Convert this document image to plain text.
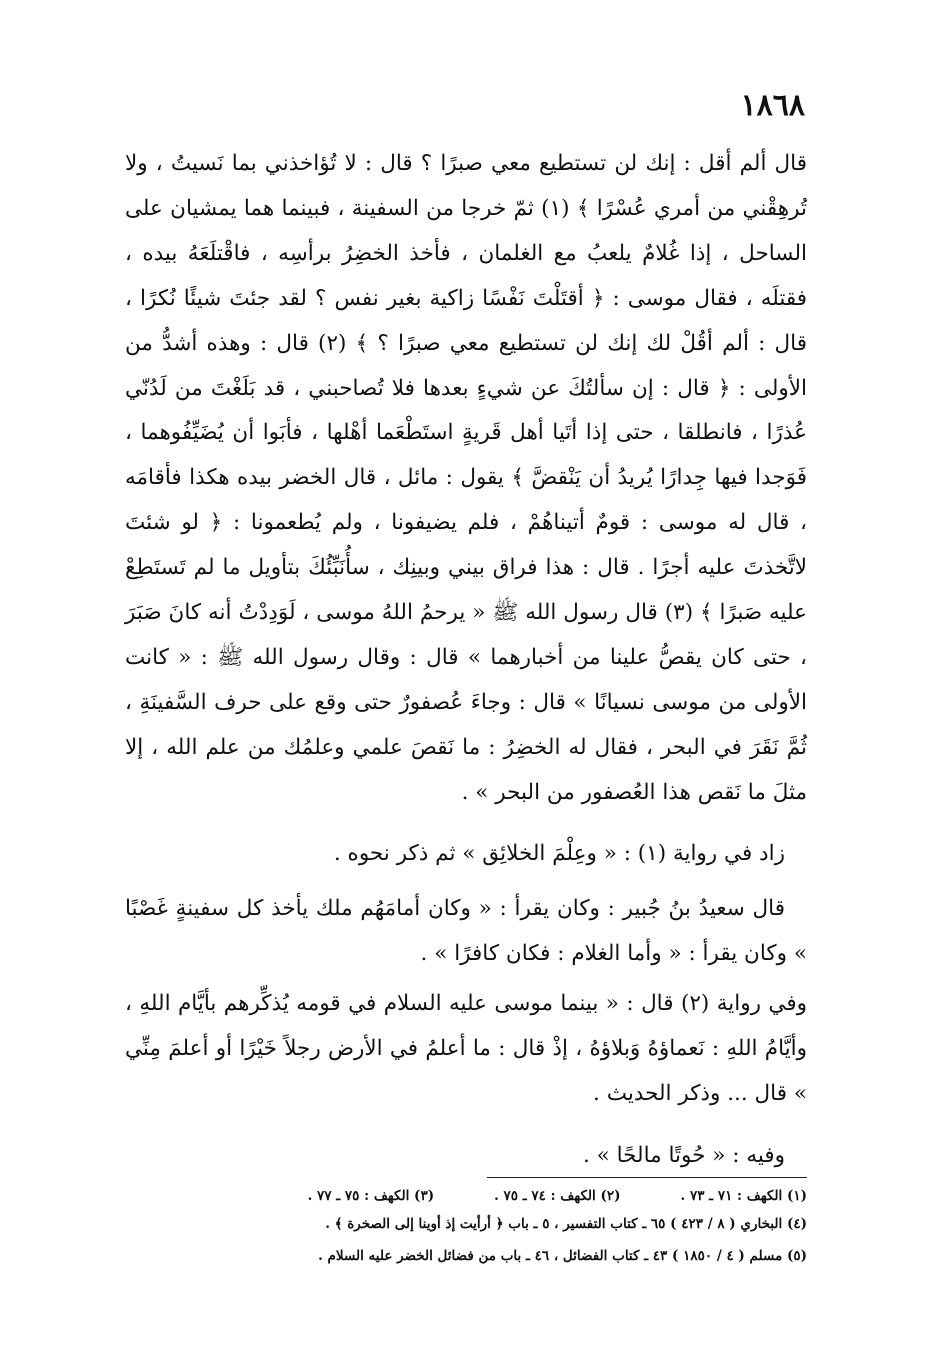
١٨٦٨
قال ألم أقل : إنك لن تستطيع معي صبرًا ؟ قال : لا تُؤاخذني بما نَسيتُ ، ولا تُرهِقْني من أمري عُسْرًا ﴾ (١) ثمّ خرجا من السفينة ، فبينما هما يمشيان على الساحل ، إذا غُلامٌ يلعبُ مع الغلمان ، فأخذ الخضِرُ برأسِه ، فاقْتلَعَهُ بيده ، فقتلَه ، فقال موسى : ﴿ أقتَلْتَ نَفْسًا زاكية بغير نفس ؟ لقد جئتَ شيئًا نُكرًا ، قال : ألم أقُلْ لك إنك لن تستطيع معي صبرًا ؟ ﴾ (٢) قال : وهذه أشدُّ من الأولى : ﴿ قال : إن سألتُكَ عن شيءٍ بعدها فلا تُصاحبني ، قد بَلَغْتَ من لَدُنّي عُذرًا ، فانطلقا ، حتى إذا أتَيا أهل قَريةٍ استَطْعَما أهْلها ، فأبَوا أن يُضَيِّفُوهما ، فَوَجدا فيها جِدارًا يُريدُ أن يَنْقضَّ ﴾ يقول : مائل ، قال الخضر بيده هكذا فأقامَه ، قال له موسى : قومٌ أتيناهُمْ ، فلم يضيفونا ، ولم يُطعمونا : ﴿ لو شئتَ لاتَّخذتَ عليه أجرًا . قال : هذا فراق بيني وبينِك ، سأُنَبِّئُكَ بتأويل ما لم تَستَطِعْ عليه صَبرًا ﴾ (٣) قال رسول الله ﷺ « يرحمُ اللهُ موسى ، لَوَدِدْتُ أنه كانَ صَبَرَ ، حتى كان يقصُّ علينا من أخبارهما » قال : وقال رسول الله ﷺ : « كانت الأولى من موسى نسيانًا » قال : وجاءَ عُصفورٌ حتى وقع على حرف السَّفينَةِ ، ثُمَّ نَقَرَ في البحر ، فقال له الخضِرُ : ما نَقصَ علمي وعلمُك من علم الله ، إلا مثلَ ما نَقص هذا العُصفور من البحر » .
زاد في رواية (١) : « وعِلْمَ الخلائِق » ثم ذكر نحوه .
قال سعيدُ بنُ جُبير : وكان يقرأ : « وكان أمامَهُم ملك يأخذ كل سفينةٍ غَصْبًا » وكان يقرأ : « وأما الغلام : فكان كافرًا » .
وفي رواية (٢) قال : « بينما موسى عليه السلام في قومه يُذكِّرهم بأيَّام اللهِ ، وأيَّامُ اللهِ : نَعماؤهُ وَبلاؤهُ ، إذْ قال : ما أعلمُ في الأرض رجلاً خَيْرًا أو أعلمَ مِنِّي » قال ... وذكر الحديث .
وفيه : « حُوتًا مالحًا » .
(١) الكهف : ٧١ ـ ٧٣ .(٢) الكهف : ٧٤ ـ ٧٥ .(٣) الكهف : ٧٥ ـ ٧٧ .
(٤) البخاري ( ٨ / ٤٢٣ ) ٦٥ ـ كتاب التفسير ، ٥ ـ باب ﴿ أرأيت إذ أوينا إلى الصخرة ﴾ .
(٥) مسلم ( ٤ / ١٨٥٠ ) ٤٣ ـ كتاب الفضائل ، ٤٦ ـ باب من فضائل الخضر عليه السلام .
